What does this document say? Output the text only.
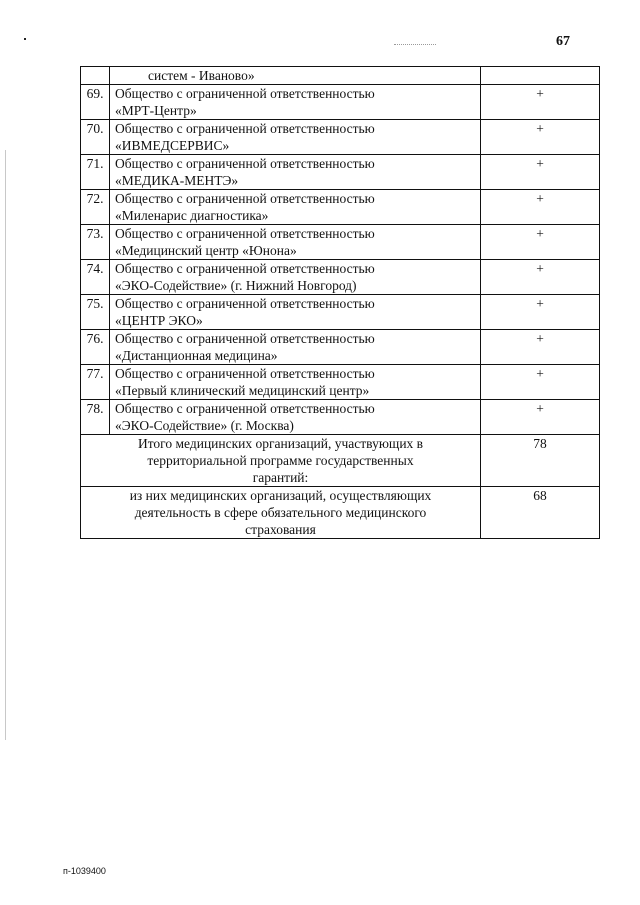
67
	систем - Иваново»	
69.	Общество с ограниченной ответственностью
«МРТ-Центр»	+
70.	Общество с ограниченной ответственностью
«ИВМЕДСЕРВИС»	+
71.	Общество с ограниченной ответственностью
«МЕДИКА-МЕНТЭ»	+
72.	Общество с ограниченной ответственностью
«Миленарис диагностика»	+
73.	Общество с ограниченной ответственностью
«Медицинский центр «Юнона»	+
74.	Общество с ограниченной ответственностью
«ЭКО-Содействие» (г. Нижний Новгород)	+
75.	Общество с ограниченной ответственностью
«ЦЕНТР ЭКО»	+
76.	Общество с ограниченной ответственностью
«Дистанционная медицина»	+
77.	Общество с ограниченной ответственностью
«Первый клинический медицинский центр»	+
78.	Общество с ограниченной ответственностью
«ЭКО-Содействие» (г. Москва)	+

Итого медицинских организаций, участвующих в
территориальной программе государственных
гарантий:		78

из них медицинских организаций, осуществляющих
деятельность в сфере обязательного медицинского
страхования		68
п-1039400
